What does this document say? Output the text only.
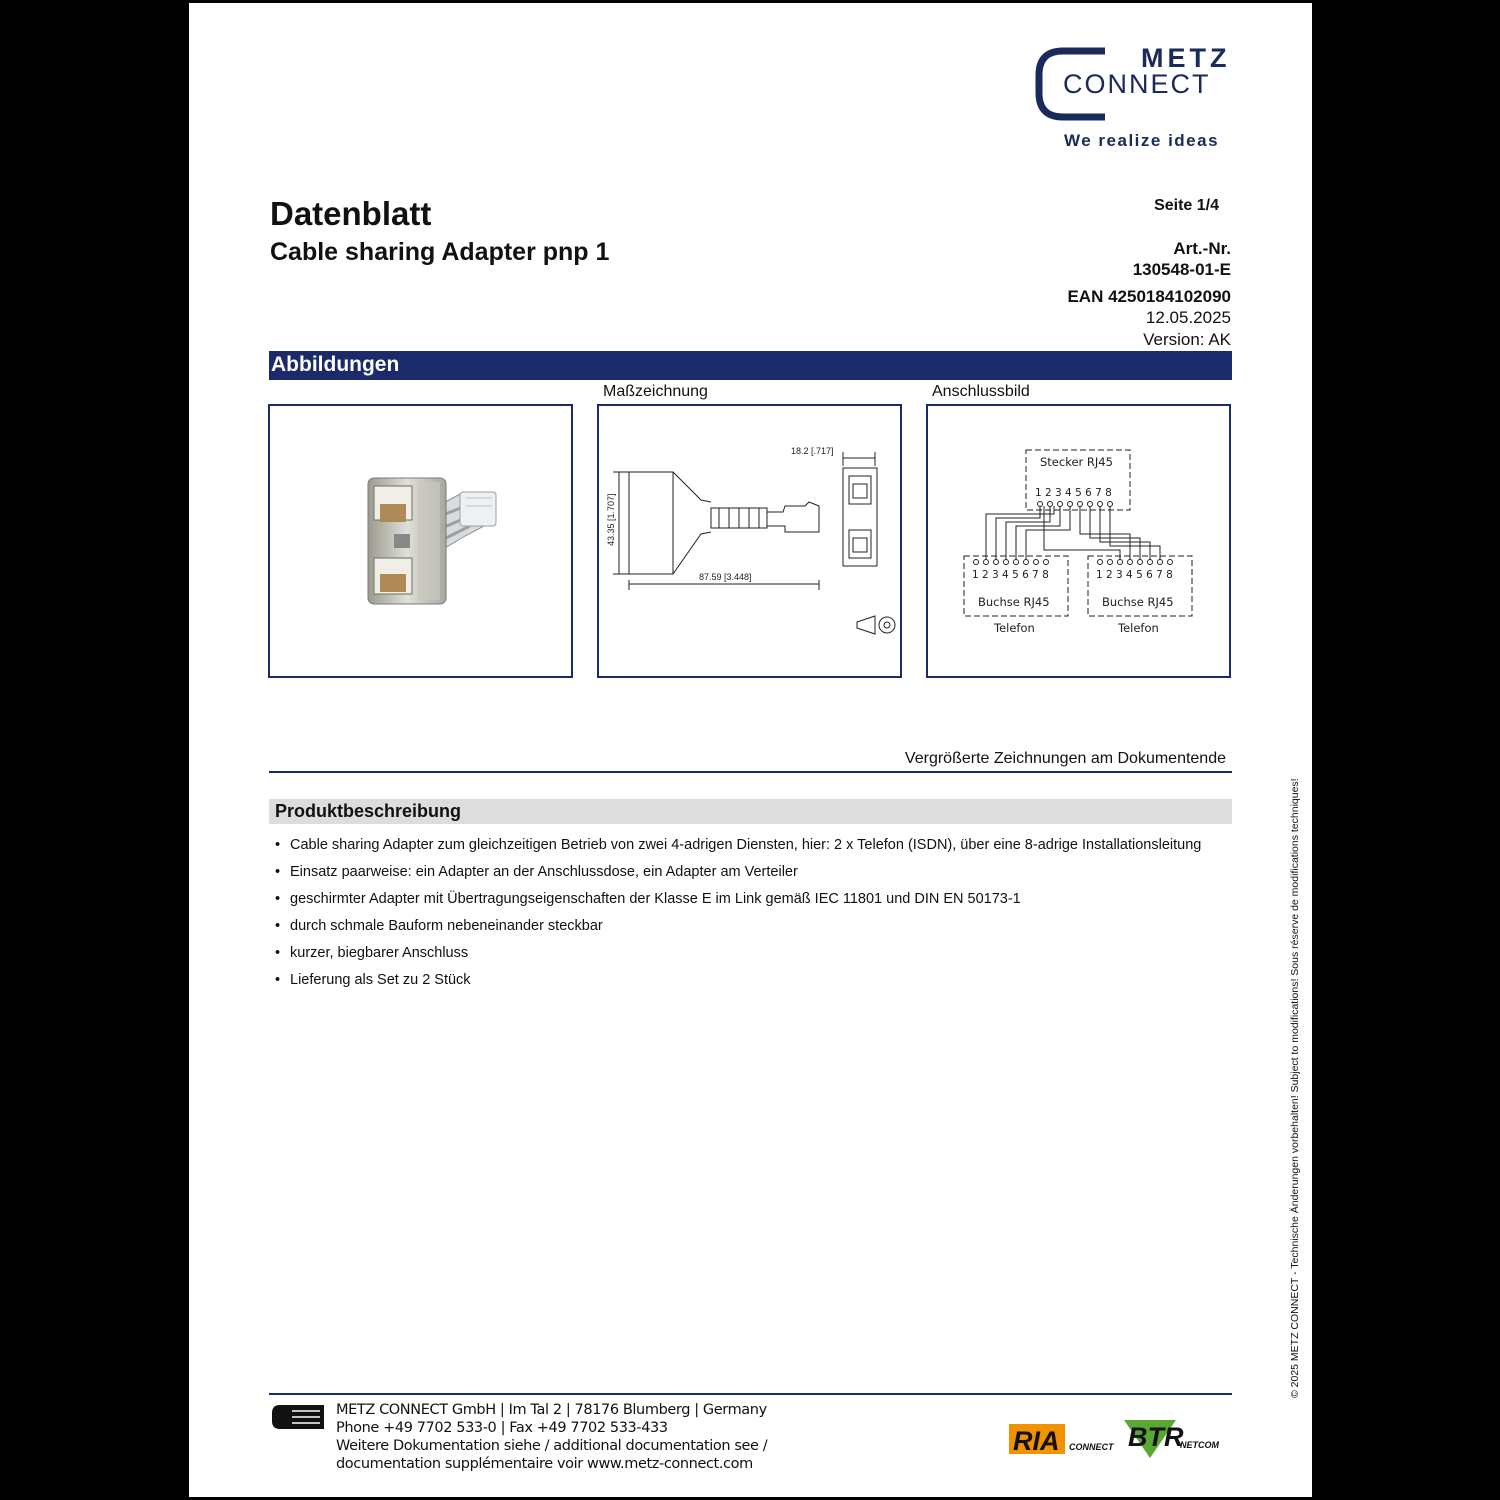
METZ
CONNECT
We realize ideas
Datenblatt
Cable sharing Adapter pnp 1
Seite 1/4
Art.-Nr.
130548-01-E
EAN 4250184102090
12.05.2025
Version: AK
Abbildungen
Maßzeichnung	Anschlussbild
18.2 [.717]
87.59 [3.448]
43.35 [1.707]
Stecker RJ45
1 2 3 4 5 6 7 8
1 2 3 4 5 6 7 8	1 2 3 4 5 6 7 8
Buchse RJ45	Buchse RJ45
Telefon	Telefon
Vergrößerte Zeichnungen am Dokumentende
Produktbeschreibung
• Cable sharing Adapter zum gleichzeitigen Betrieb von zwei 4-adrigen Diensten, hier: 2 x Telefon (ISDN), über eine 8-adrige Installationsleitung
• Einsatz paarweise: ein Adapter an der Anschlussdose, ein Adapter am Verteiler
• geschirmter Adapter mit Übertragungseigenschaften der Klasse E im Link gemäß IEC 11801 und DIN EN 50173-1
• durch schmale Bauform nebeneinander steckbar
• kurzer, biegbarer Anschluss
• Lieferung als Set zu 2 Stück	© 2025 METZ CONNECT - Technische Änderungen vorbehalten! Subject to modifications! Sous réserve de modifications techniques!
METZ CONNECT GmbH | Im Tal 2 | 78176 Blumberg | Germany
Phone +49 7702 533-0 | Fax +49 7702 533-433
Weitere Dokumentation siehe / additional documentation see /
documentation supplémentaire voir www.metz-connect.com
RIA CONNECT BTR
NETCOM
